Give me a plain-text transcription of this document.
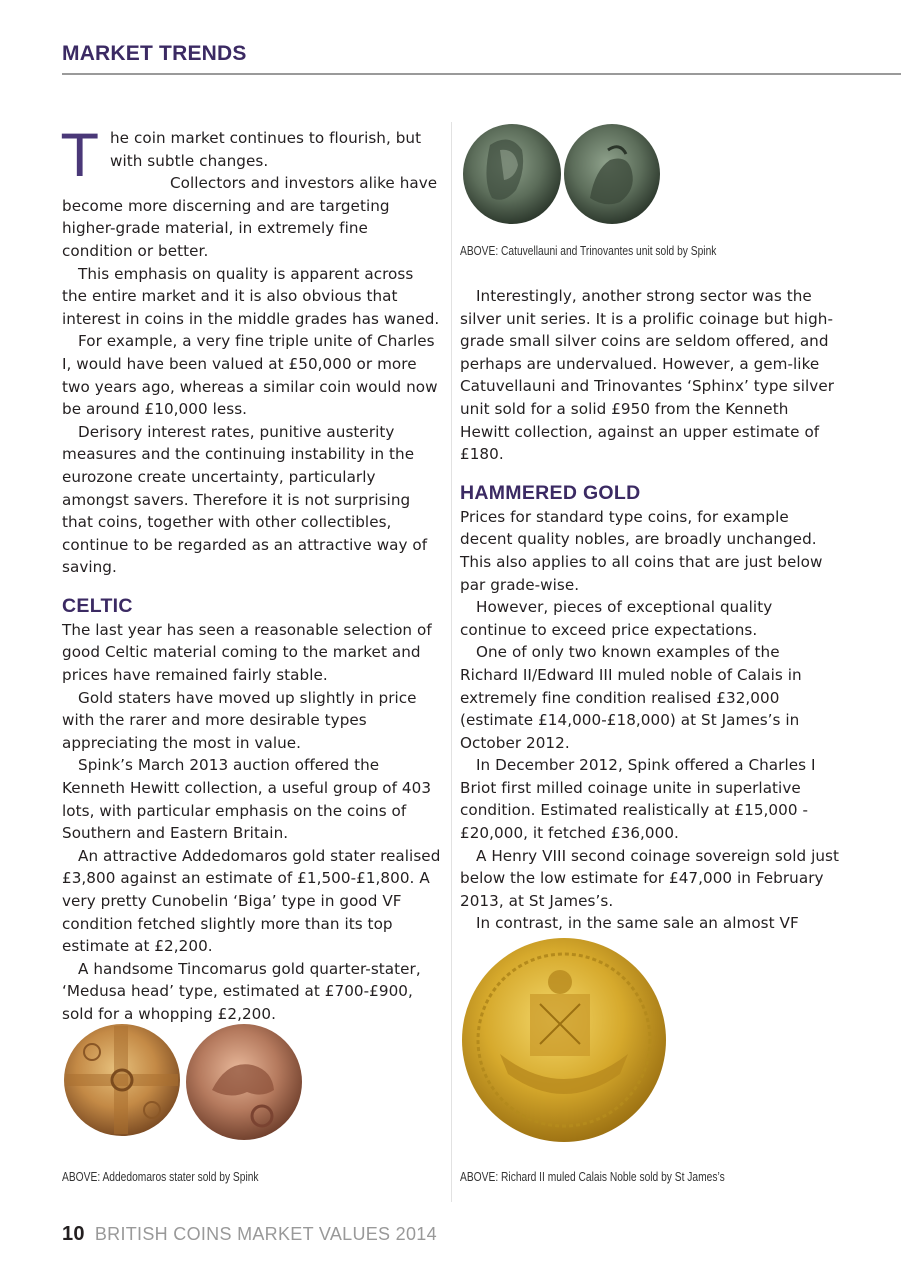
MARKET TRENDS

The coin market continues to flourish, but with subtle changes.

Collectors and investors alike have become more discerning and are targeting higher-grade material, in extremely fine condition or better.

This emphasis on quality is apparent across the entire market and it is also obvious that interest in coins in the middle grades has waned.

For example, a very fine triple unite of Charles I, would have been valued at £50,000 or more two years ago, whereas a similar coin would now be around £10,000 less.

Derisory interest rates, punitive austerity measures and the continuing instability in the eurozone create uncertainty, particularly amongst savers. Therefore it is not surprising that coins, together with other collectibles, continue to be regarded as an attractive way of saving.

CELTIC

The last year has seen a reasonable selection of good Celtic material coming to the market and prices have remained fairly stable.

Gold staters have moved up slightly in price with the rarer and more desirable types appreciating the most in value.

Spink’s March 2013 auction offered the Kenneth Hewitt collection, a useful group of 403 lots, with particular emphasis on the coins of Southern and Eastern Britain.

An attractive Addedomaros gold stater realised £3,800 against an estimate of £1,500-£1,800. A very pretty Cunobelin ‘Biga’ type in good VF condition fetched slightly more than its top estimate at £2,200.

A handsome Tincomarus gold quarter-stater, ‘Medusa head’ type, estimated at £700-£900, sold for a whopping £2,200.

Interestingly, another strong sector was the silver unit series. It is a prolific coinage but high-grade small silver coins are seldom offered, and perhaps are undervalued. However, a gem-like Catuvellauni and Trinovantes ‘Sphinx’ type silver unit sold for a solid £950 from the Kenneth Hewitt collection, against an upper estimate of £180.

HAMMERED GOLD

Prices for standard type coins, for example decent quality nobles, are broadly unchanged. This also applies to all coins that are just below par grade-wise.

However, pieces of exceptional quality continue to exceed price expectations.

One of only two known examples of the Richard II/Edward III muled noble of Calais in extremely fine condition realised £32,000 (estimate £14,000-£18,000) at St James’s in October 2012.

In December 2012, Spink offered a Charles I Briot first milled coinage unite in superlative condition. Estimated realistically at £15,000 -£20,000, it fetched £36,000.

A Henry VIII second coinage sovereign sold just below the low estimate for £47,000 in February 2013, at St James’s.

In contrast, in the same sale an almost VF

ABOVE: Catuvellauni and Trinovantes unit sold by Spink
ABOVE: Addedomaros stater sold by Spink	ABOVE: Richard II muled Calais Noble sold by St James’s
10 BRITISH COINS MARKET VALUES 2014
